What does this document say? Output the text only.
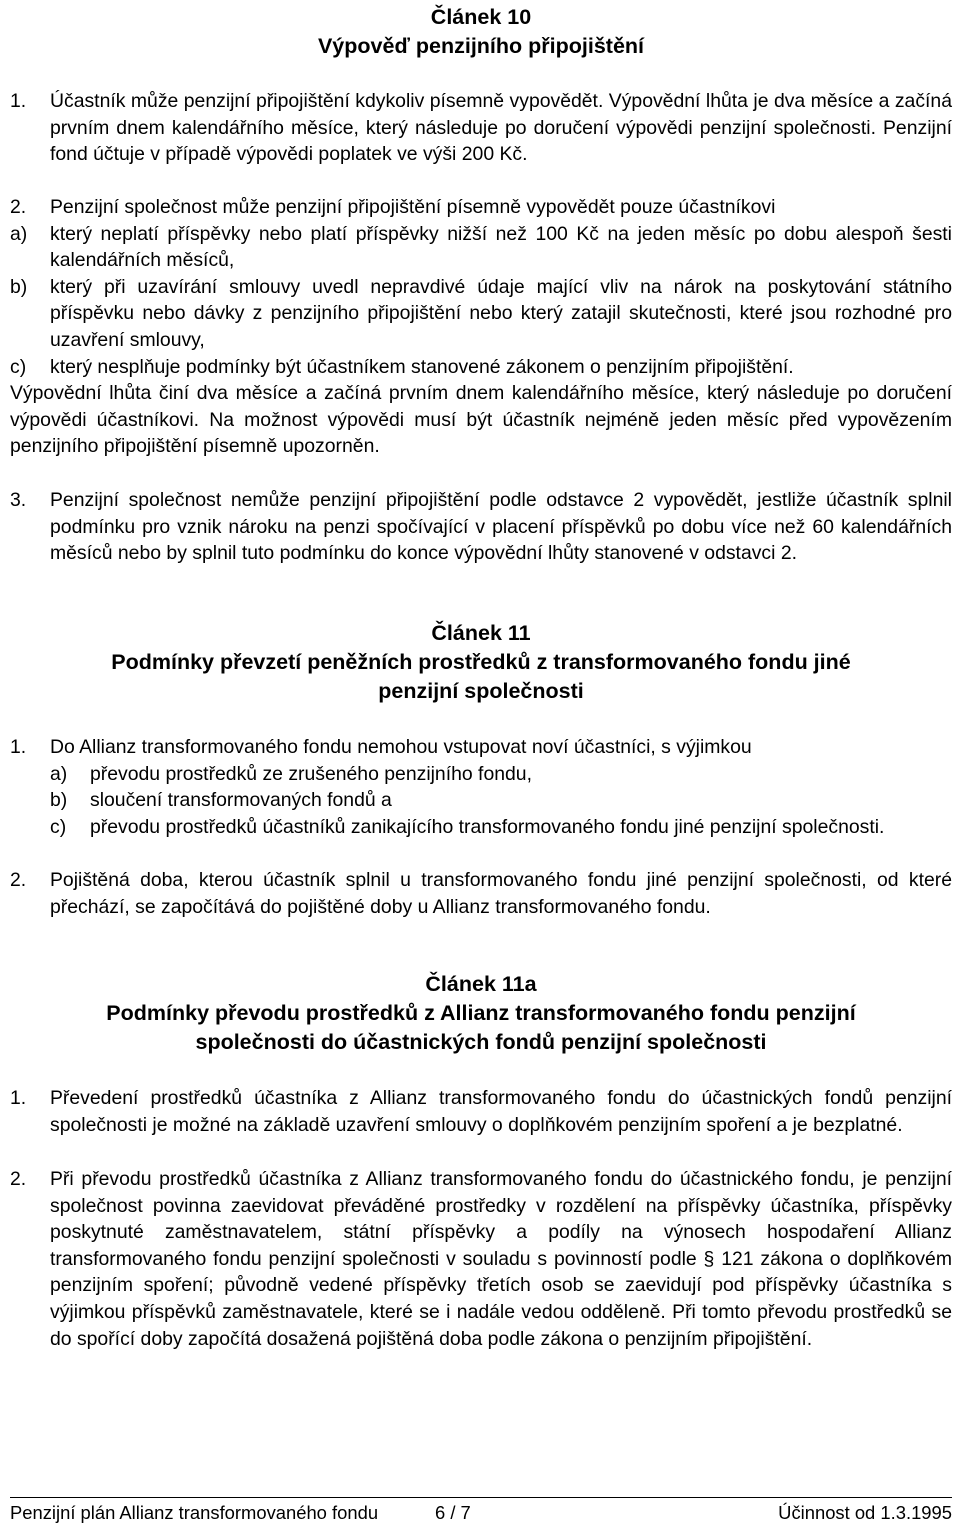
Článek 10
Výpověď penzijního připojištění
1. Účastník může penzijní připojištění kdykoliv písemně vypovědět. Výpovědní lhůta je dva měsíce a začíná prvním dnem kalendářního měsíce, který následuje po doručení výpovědi penzijní společnosti. Penzijní fond účtuje v případě výpovědi poplatek ve výši 200 Kč.

2. Penzijní společnost může penzijní připojištění písemně vypovědět pouze účastníkovi

a) který neplatí příspěvky nebo platí příspěvky nižší než 100 Kč na jeden měsíc po dobu alespoň šesti kalendářních měsíců,

b) který při uzavírání smlouvy uvedl nepravdivé údaje mající vliv na nárok na poskytování státního příspěvku nebo dávky z penzijního připojištění nebo který zatajil skutečnosti, které jsou rozhodné pro uzavření smlouvy,

c) který nesplňuje podmínky být účastníkem stanovené zákonem o penzijním připojištění.

Výpovědní lhůta činí dva měsíce a začíná prvním dnem kalendářního měsíce, který následuje po doručení výpovědi účastníkovi. Na možnost výpovědi musí být účastník nejméně jeden měsíc před vypovězením penzijního připojištění písemně upozorněn.

3. Penzijní společnost nemůže penzijní připojištění podle odstavce 2 vypovědět, jestliže účastník splnil podmínku pro vznik nároku na penzi spočívající v placení příspěvků po dobu více než 60 kalendářních měsíců nebo by splnil tuto podmínku do konce výpovědní lhůty stanovené v odstavci 2.

Článek 11
Podmínky převzetí peněžních prostředků z transformovaného fondu jiné
penzijní společnosti
1. Do Allianz transformovaného fondu nemohou vstupovat noví účastníci, s výjimkou

a) převodu prostředků ze zrušeného penzijního fondu,

b) sloučení transformovaných fondů a

c) převodu prostředků účastníků zanikajícího transformovaného fondu jiné penzijní společnosti.

2. Pojištěná doba, kterou účastník splnil u transformovaného fondu jiné penzijní společnosti, od které přechází, se započítává do pojištěné doby u Allianz transformovaného fondu.

Článek 11a
Podmínky převodu prostředků z Allianz transformovaného fondu penzijní
společnosti do účastnických fondů penzijní společnosti
1. Převedení prostředků účastníka z Allianz transformovaného fondu do účastnických fondů penzijní společnosti je možné na základě uzavření smlouvy o doplňkovém penzijním spoření a je bezplatné.

2. Při převodu prostředků účastníka z Allianz transformovaného fondu do účastnického fondu, je penzijní společnost povinna zaevidovat převáděné prostředky v rozdělení na příspěvky účastníka, příspěvky poskytnuté zaměstnavatelem, státní příspěvky a podíly na výnosech hospodaření Allianz transformovaného fondu penzijní společnosti v souladu s povinností podle § 121 zákona o doplňkovém penzijním spoření; původně vedené příspěvky třetích osob se zaevidují pod příspěvky účastníka s výjimkou příspěvků zaměstnavatele, které se i nadále vedou odděleně. Při tomto převodu prostředků se do spořící doby započítá dosažená pojištěná doba podle zákona o penzijním připojištění.

Penzijní plán Allianz transformovaného fondu	6 / 7	Účinnost od 1.3.1995
